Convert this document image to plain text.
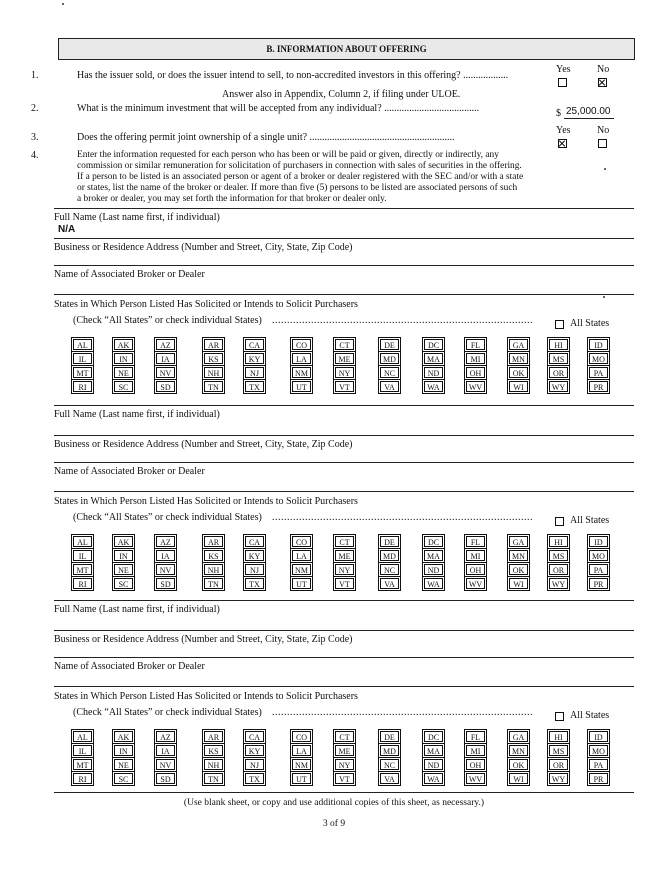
B. INFORMATION ABOUT OFFERING
Yes	No
1.	Has the issuer sold, or does the issuer intend to sell, to non-accredited investors in this offering? ..................
Answer also in Appendix, Column 2, if filing under ULOE.
2.	What is the minimum investment that will be accepted from any individual? ......................................	$ 25,000.00
Yes	No
3.	Does the offering permit joint ownership of a single unit? ..........................................................
4.	Enter the information requested for each person who has been or will be paid or given, directly or indirectly, any
commission or similar remuneration for solicitation of purchasers in connection with sales of securities in the offering.
If a person to be listed is an associated person or agent of a broker or dealer registered with the SEC and/or with a state
or states, list the name of the broker or dealer. If more than five (5) persons to be listed are associated persons of such
a broker or dealer, you may set forth the information for that broker or dealer only.
Full Name (Last name first, if individual)
N/A
Business or Residence Address (Number and Street, City, State, Zip Code)
Name of Associated Broker or Dealer
States in Which Person Listed Has Solicited or Intends to Solicit Purchasers
(Check “All States” or check individual States) .......................................................................................	All States
AL	AK	AZ	AR	CA	CO	CT	DE	DC	FL	GA	HI	ID
IL	IN	IA	KS	KY	LA	ME	MD	MA	MI	MN	MS	MO
MT	NE	NV	NH	NJ	NM	NY	NC	ND	OH	OK	OR	PA
RI	SC	SD	TN	TX	UT	VT	VA	WA	WV	WI	WY	PR
Full Name (Last name first, if individual)
Business or Residence Address (Number and Street, City, State, Zip Code)
Name of Associated Broker or Dealer
States in Which Person Listed Has Solicited or Intends to Solicit Purchasers
(Check “All States” or check individual States) .......................................................................................	All States
AL	AK	AZ	AR	CA	CO	CT	DE	DC	FL	GA	HI	ID
IL	IN	IA	KS	KY	LA	ME	MD	MA	MI	MN	MS	MO
MT	NE	NV	NH	NJ	NM	NY	NC	ND	OH	OK	OR	PA
RI	SC	SD	TN	TX	UT	VT	VA	WA	WV	WI	WY	PR
Full Name (Last name first, if individual)
Business or Residence Address (Number and Street, City, State, Zip Code)
Name of Associated Broker or Dealer
States in Which Person Listed Has Solicited or Intends to Solicit Purchasers
(Check “All States” or check individual States) .......................................................................................	All States
AL	AK	AZ	AR	CA	CO	CT	DE	DC	FL	GA	HI	ID
IL	IN	IA	KS	KY	LA	ME	MD	MA	MI	MN	MS	MO
MT	NE	NV	NH	NJ	NM	NY	NC	ND	OH	OK	OR	PA
RI	SC	SD	TN	TX	UT	VT	VA	WA	WV	WI	WY	PR
(Use blank sheet, or copy and use additional copies of this sheet, as necessary.)
3 of 9
